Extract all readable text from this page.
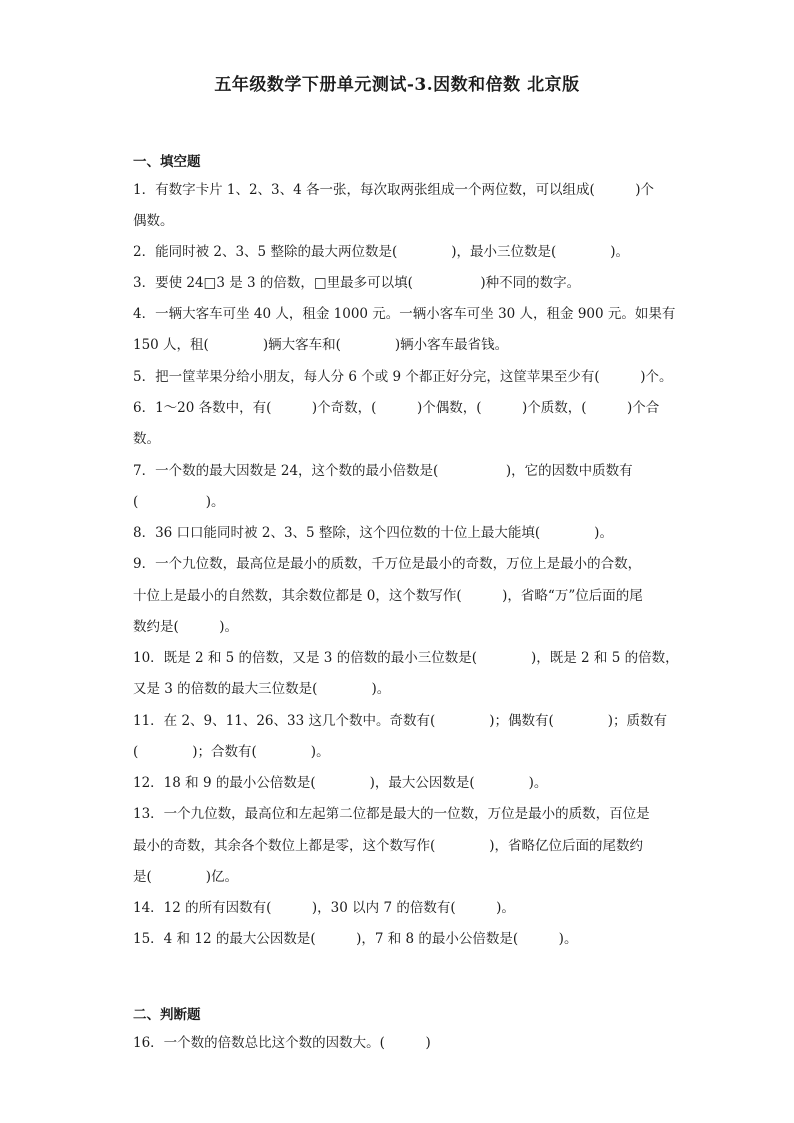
五年级数学下册单元测试-3.因数和倍数 北京版
一、填空题
1．有数字卡片 1、2、3、4 各一张，每次取两张组成一个两位数，可以组成(　　　)个
偶数。
2．能同时被 2、3、5 整除的最大两位数是(　　　　)，最小三位数是(　　　　)。
3．要使 24□3 是 3 的倍数，□里最多可以填(　　　　　)种不同的数字。
4．一辆大客车可坐 40 人，租金 1000 元。一辆小客车可坐 30 人，租金 900 元。如果有
150 人，租(　　　　)辆大客车和(　　　　)辆小客车最省钱。
5．把一筐苹果分给小朋友，每人分 6 个或 9 个都正好分完，这筐苹果至少有(　　　)个。
6．1～20 各数中，有(　　　)个奇数，(　　　)个偶数，(　　　)个质数，(　　　)个合
数。
7．一个数的最大因数是 24，这个数的最小倍数是(　　　　　)，它的因数中质数有
(　　　　　)。
8．36 口口能同时被 2、3、5 整除，这个四位数的十位上最大能填(　　　　)。
9．一个九位数，最高位是最小的质数，千万位是最小的奇数，万位上是最小的合数，
十位上是最小的自然数，其余数位都是 0，这个数写作(　　　)，省略“万”位后面的尾
数约是(　　　)。
10．既是 2 和 5 的倍数，又是 3 的倍数的最小三位数是(　　　　)，既是 2 和 5 的倍数，
又是 3 的倍数的最大三位数是(　　　　)。
11．在 2、9、11、26、33 这几个数中。奇数有(　　　　)；偶数有(　　　　)；质数有
(　　　　)；合数有(　　　　)。
12．18 和 9 的最小公倍数是(　　　　)，最大公因数是(　　　　)。
13．一个九位数，最高位和左起第二位都是最大的一位数，万位是最小的质数，百位是
最小的奇数，其余各个数位上都是零，这个数写作(　　　　)，省略亿位后面的尾数约
是(　　　　)亿。
14．12 的所有因数有(　　　)，30 以内 7 的倍数有(　　　)。
15．4 和 12 的最大公因数是(　　　)，7 和 8 的最小公倍数是(　　　)。
二、判断题
16．一个数的倍数总比这个数的因数大。(　　　)
